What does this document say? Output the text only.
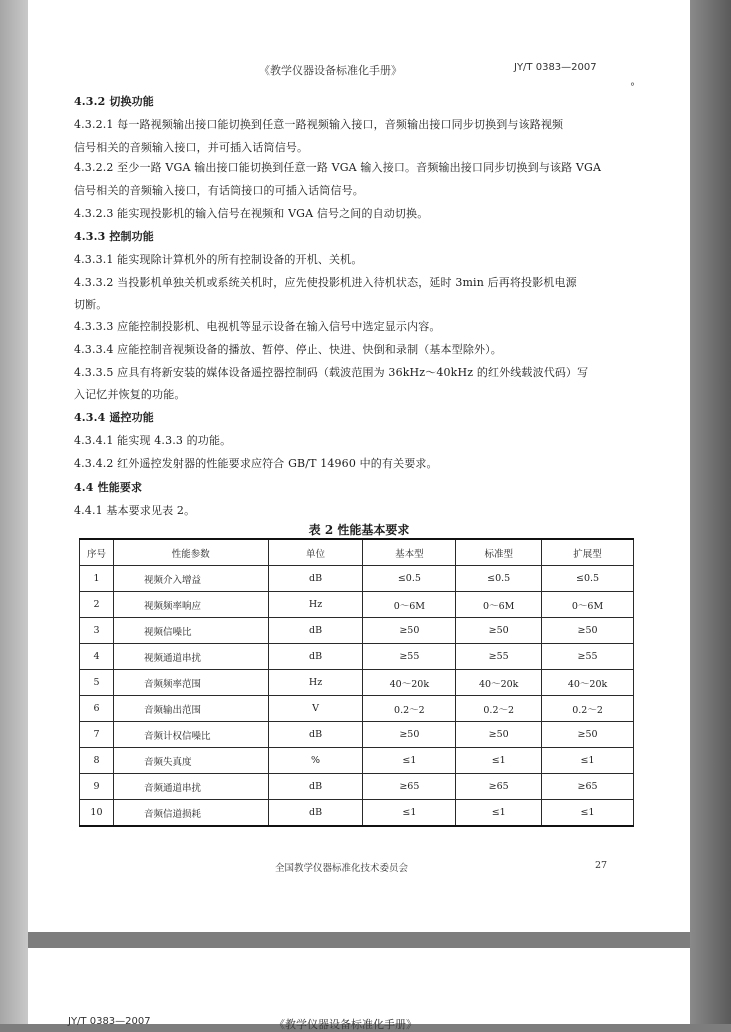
《教学仪器设备标准化手册》	JY/T 0383—2007
°
4.3.2 切换功能
4.3.2.1 每一路视频输出接口能切换到任意一路视频输入接口，音频输出接口同步切换到与该路视频
信号相关的音频输入接口，并可插入话筒信号。
4.3.2.2 至少一路 VGA 输出接口能切换到任意一路 VGA 输入接口。音频输出接口同步切换到与该路 VGA
信号相关的音频输入接口，有话筒接口的可插入话筒信号。
4.3.2.3 能实现投影机的输入信号在视频和 VGA 信号之间的自动切换。
4.3.3 控制功能
4.3.3.1 能实现除计算机外的所有控制设备的开机、关机。
4.3.3.2 当投影机单独关机或系统关机时，应先使投影机进入待机状态，延时 3min 后再将投影机电源
切断。
4.3.3.3 应能控制投影机、电视机等显示设备在输入信号中选定显示内容。
4.3.3.4 应能控制音视频设备的播放、暂停、停止、快进、快倒和录制（基本型除外）。
4.3.3.5 应具有将新安装的媒体设备遥控器控制码（载波范围为 36kHz～40kHz 的红外线载波代码）写
入记忆并恢复的功能。
4.3.4 遥控功能
4.3.4.1 能实现 4.3.3 的功能。
4.3.4.2 红外遥控发射器的性能要求应符合 GB/T 14960 中的有关要求。
4.4 性能要求
4.4.1 基本要求见表 2。
表 2 性能基本要求
序号	性能参数	单位	基本型	标准型	扩展型
1	视频介入增益	dB	≤0.5	≤0.5	≤0.5
2	视频频率响应	Hz	0～6M	0～6M	0～6M
3	视频信噪比	dB	≥50	≥50	≥50
4	视频通道串扰	dB	≥55	≥55	≥55
5	音频频率范围	Hz	40～20k	40～20k	40～20k
6	音频输出范围	V	0.2～2	0.2～2	0.2～2
7	音频计权信噪比	dB	≥50	≥50	≥50
8	音频失真度	%	≤1	≤1	≤1
9	音频通道串扰	dB	≥65	≥65	≥65
10	音频信道损耗	dB	≤1	≤1	≤1
全国教学仪器标准化技术委员会	27
JY/T 0383—2007	《教学仪器设备标准化手册》
